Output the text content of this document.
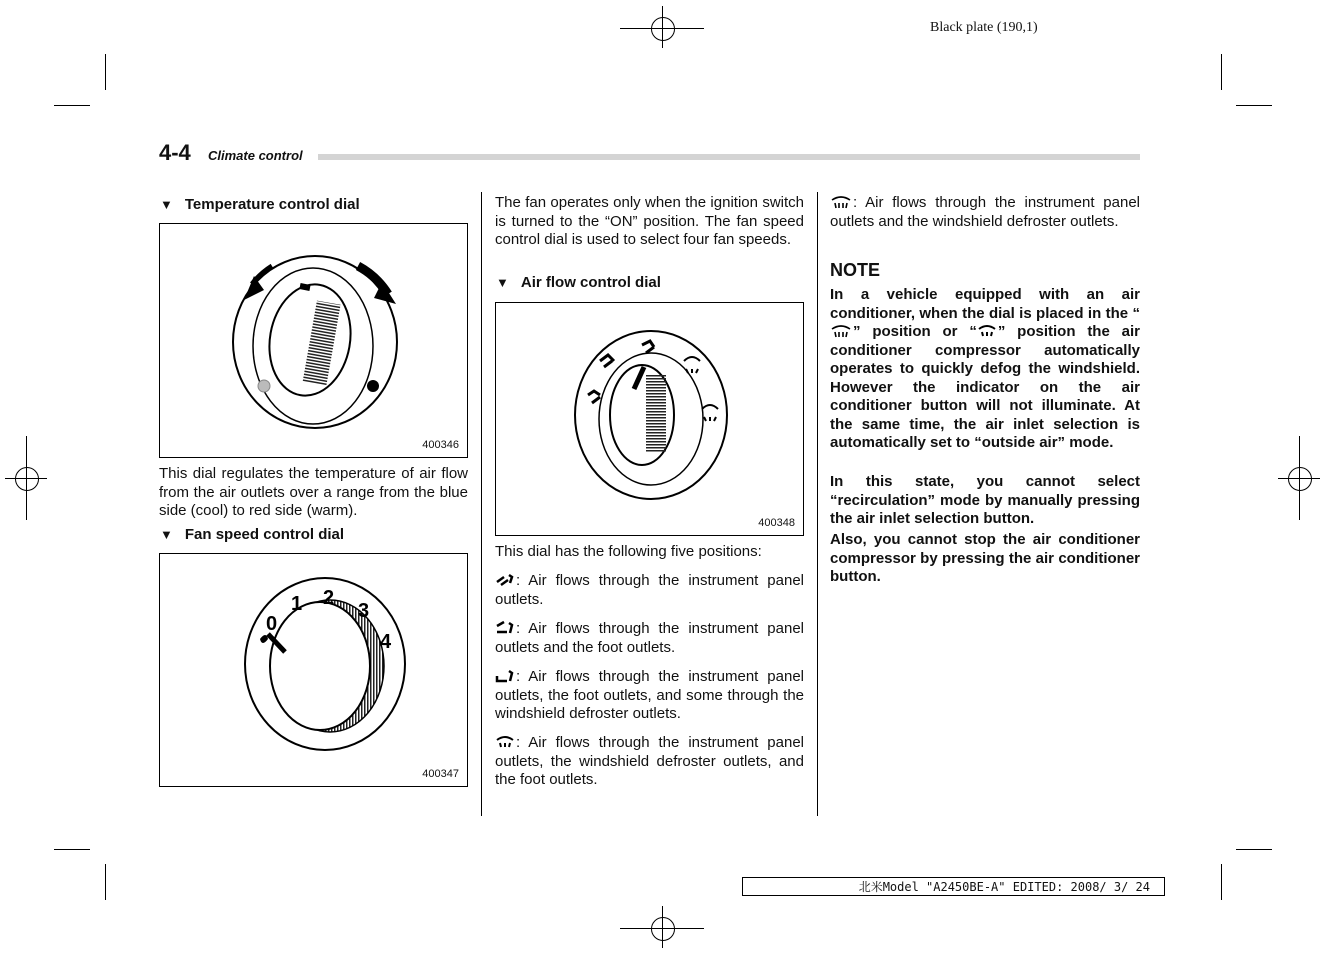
Black plate (190,1)
4-4 Climate control
▼ Temperature control dial
400346
This dial regulates the temperature of air flow from the air outlets over a range from the blue side (cool) to red side (warm).
▼ Fan speed control dial
0
1 2
3
4
400347
The fan operates only when the ignition switch is turned to the “ON” position. The fan speed control dial is used to select four fan speeds.
▼ Air flow control dial
400348
This dial has the following five positions:
: Air flows through the instrument panel outlets.
: Air flows through the instrument panel outlets and the foot outlets.
: Air flows through the instrument panel outlets, the foot outlets, and some through the windshield defroster outlets.
: Air flows through the instrument panel outlets, the windshield defroster outlets, and the foot outlets.
: Air flows through the instrument panel outlets and the windshield defroster outlets.
NOTE
In a vehicle equipped with an air conditioner, when the dial is placed in the “” position or “ ” position the air conditioner compressor automatically operates to quickly defog the windshield. However the indicator on the air conditioner button will not illuminate. At the same time, the air inlet selection is automatically set to “outside air” mode.
In this state, you cannot select “recirculation” mode by manually pressing the air inlet selection button.
Also, you cannot stop the air conditioner compressor by pressing the air conditioner button.
北米Model "A2450BE-A" EDITED: 2008/ 3/ 24
